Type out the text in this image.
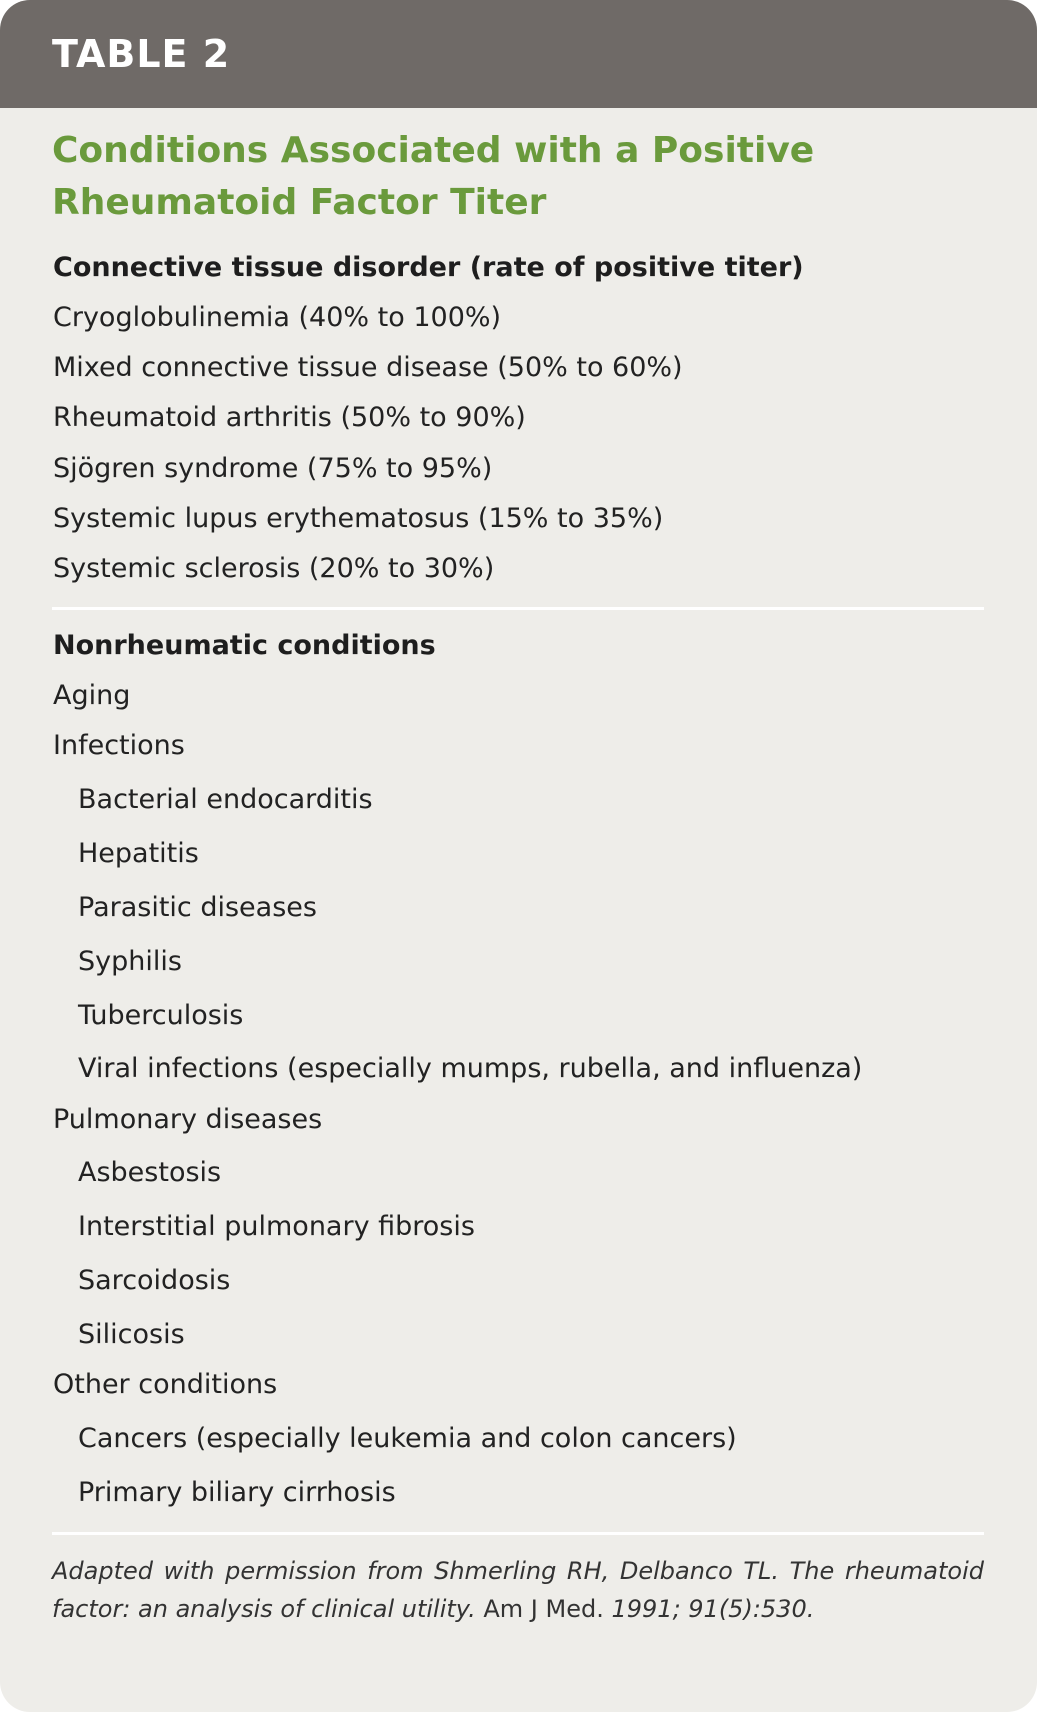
TABLE 2
Conditions Associated with a Positive Rheumatoid Factor Titer
Connective tissue disorder (rate of positive titer)
Cryoglobulinemia (40% to 100%)
Mixed connective tissue disease (50% to 60%)
Rheumatoid arthritis (50% to 90%)
Sjögren syndrome (75% to 95%)
Systemic lupus erythematosus (15% to 35%)
Systemic sclerosis (20% to 30%)
Nonrheumatic conditions
Aging
Infections
Bacterial endocarditis
Hepatitis
Parasitic diseases
Syphilis
Tuberculosis
Viral infections (especially mumps, rubella, and influenza)
Pulmonary diseases
Asbestosis
Interstitial pulmonary fibrosis
Sarcoidosis
Silicosis
Other conditions
Cancers (especially leukemia and colon cancers)
Primary biliary cirrhosis
Adapted with permission from Shmerling RH, Delbanco TL. The rheumatoid factor: an analysis of clinical utility. Am J Med. 1991; 91(5):530.
